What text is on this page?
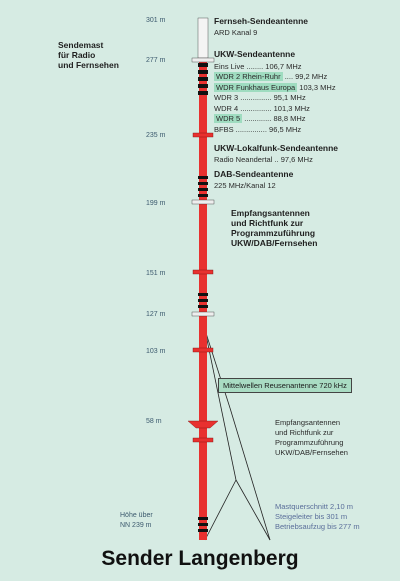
Sendemast
für Radio
und Fernsehen
301 m
277 m
235 m
199 m
151 m
127 m
103 m
58 m
Höhe über
NN 239 m
Fernseh-Sendeantenne
ARD Kanal 9
UKW-Sendeantenne
Eins Live ........ 106,7 MHz
WDR 2 Rhein-Ruhr .... 99,2 MHz
WDR Funkhaus Europa 103,3 MHz
WDR 3 ............... 95,1 MHz
WDR 4 ............... 101,3 MHz
WDR 5 ............. 88,8 MHz
BFBS ............... 96,5 MHz
UKW-Lokalfunk-Sendeantenne
Radio Neandertal .. 97,6 MHz
DAB-Sendeantenne
225 MHz/Kanal 12
Empfangsantennen
und Richtfunk zur
Programmzuführung
UKW/DAB/Fernsehen
Mittelwellen Reusenantenne 720 kHz
Empfangsantennen
und Richtfunk zur
Programmzuführung
UKW/DAB/Fernsehen
Mastquerschnitt 2,10 m
Steigeleiter bis 301 m
Betriebsaufzug bis 277 m
Sender Langenberg
